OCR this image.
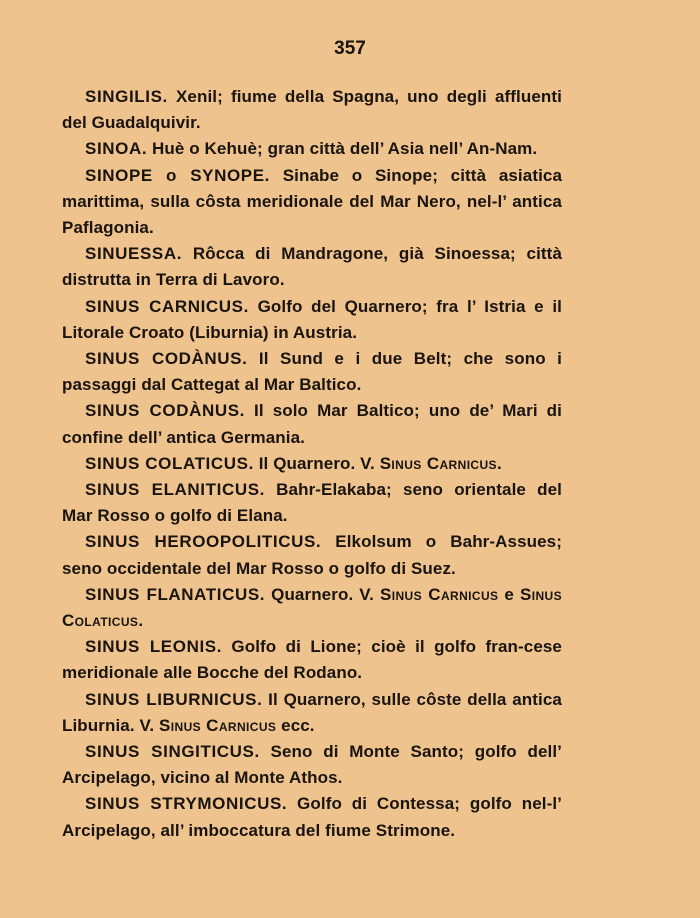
357

SINGILIS. Xenil; fiume della Spagna, uno degli affluenti del Guadalquivir.

SINOA. Huè o Kehuè; gran città dell’ Asia nell’ An-Nam.

SINOPE o SYNOPE. Sinabe o Sinope; città asiatica marittima, sulla côsta meridionale del Mar Nero, nel-l’ antica Paflagonia.

SINUESSA. Rôcca di Mandragone, già Sinoessa; città distrutta in Terra di Lavoro.

SINUS CARNICUS. Golfo del Quarnero; fra l’ Istria e il Litorale Croato (Liburnia) in Austria.

SINUS CODÀNUS. Il Sund e i due Belt; che sono i passaggi dal Cattegat al Mar Baltico.

SINUS CODÀNUS. Il solo Mar Baltico; uno de’ Mari di confine dell’ antica Germania.

SINUS COLATICUS. Il Quarnero. V. Sinus Carnicus.

SINUS ELANITICUS. Bahr-Elakaba; seno orientale del Mar Rosso o golfo di Elana.

SINUS HEROOPOLITICUS. Elkolsum o Bahr-Assues; seno occidentale del Mar Rosso o golfo di Suez.

SINUS FLANATICUS. Quarnero. V. Sinus Carnicus e Sinus Colaticus.

SINUS LEONIS. Golfo di Lione; cioè il golfo fran-cese meridionale alle Bocche del Rodano.

SINUS LIBURNICUS. Il Quarnero, sulle côste della antica Liburnia. V. Sinus Carnicus ecc.

SINUS SINGITICUS. Seno di Monte Santo; golfo dell’ Arcipelago, vicino al Monte Athos.

SINUS STRYMONICUS. Golfo di Contessa; golfo nel-l’ Arcipelago, all’ imboccatura del fiume Strimone.
